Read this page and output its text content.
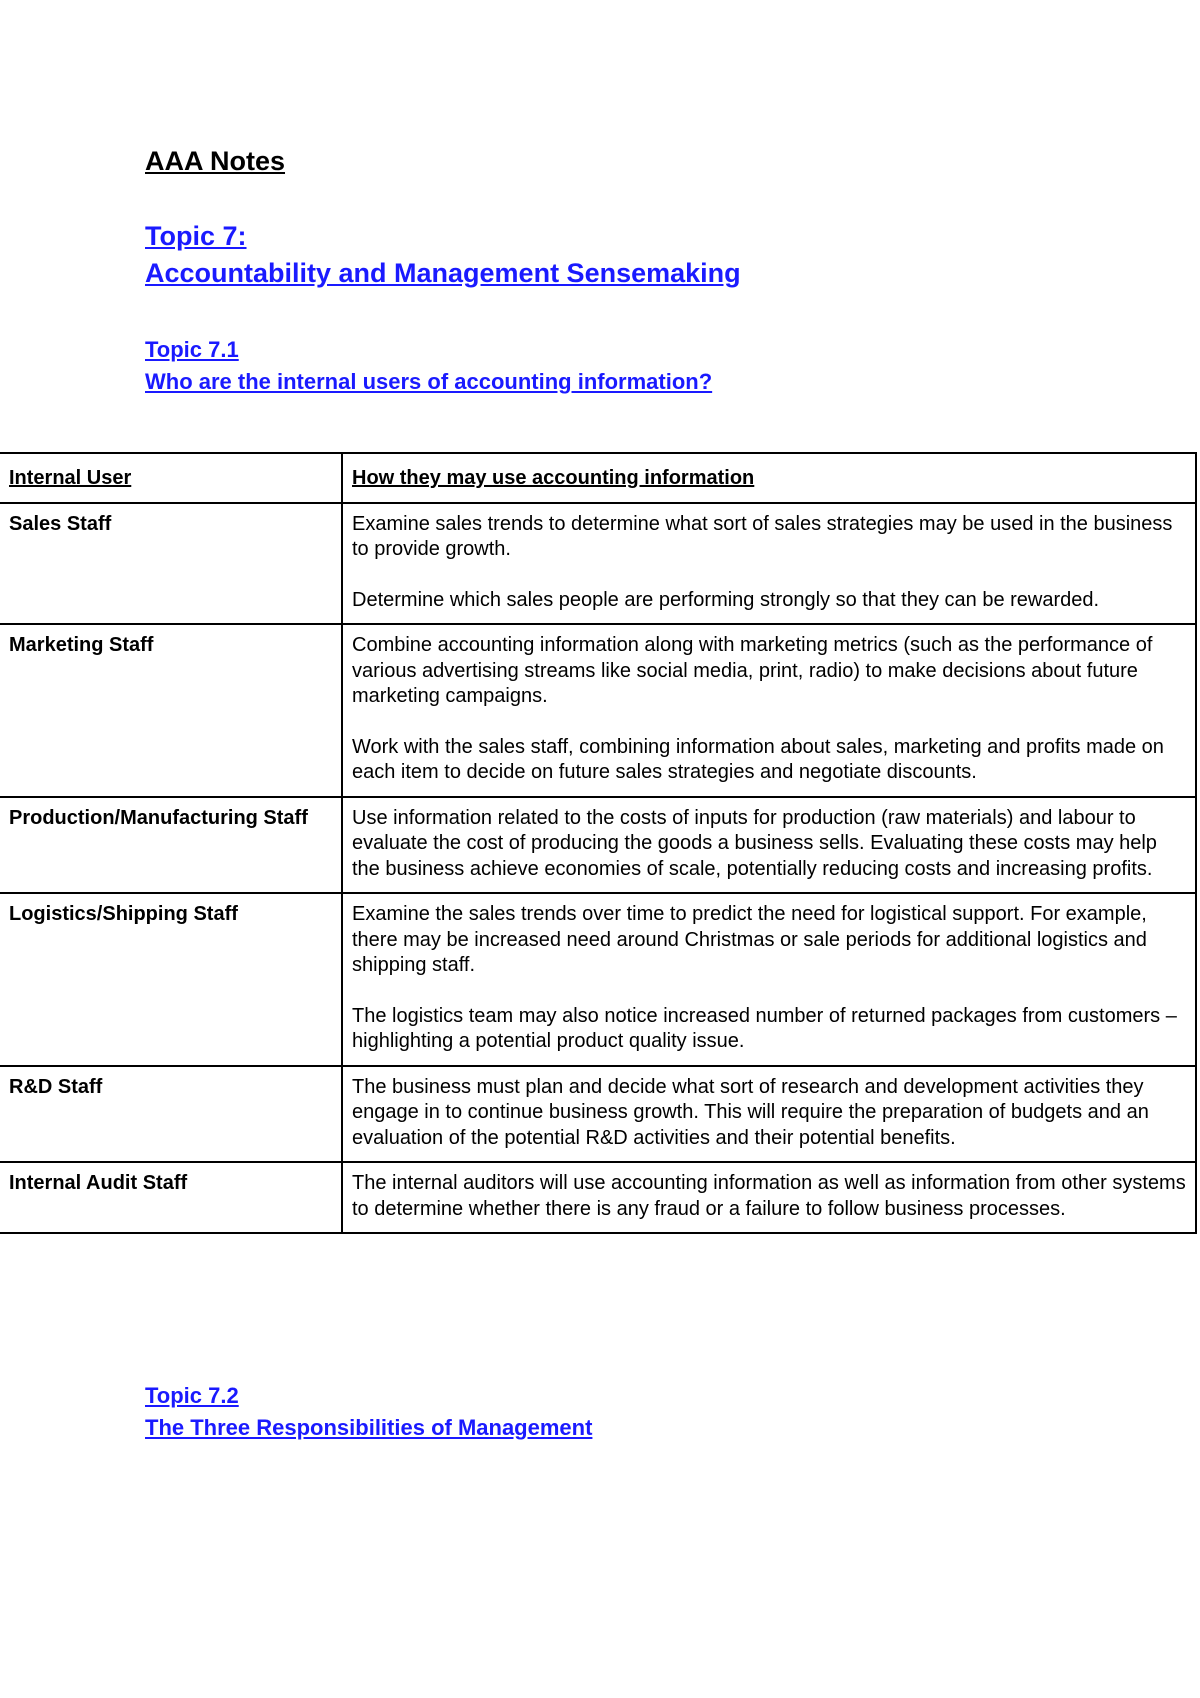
AAA Notes
Topic 7:
Accountability and Management Sensemaking
Topic 7.1
Who are the internal users of accounting information?
Internal User	How they may use accounting information
Sales Staff	Examine sales trends to determine what sort of sales strategies may be used in the business to provide growth.

Determine which sales people are performing strongly so that they can be rewarded.

Marketing Staff	Combine accounting information along with marketing metrics (such as the performance of various advertising streams like social media, print, radio) to make decisions about future marketing campaigns.

Work with the sales staff, combining information about sales, marketing and profits made on each item to decide on future sales strategies and negotiate discounts.

Production/Manufacturing Staff	Use information related to the costs of inputs for production (raw materials) and labour to evaluate the cost of producing the goods a business sells. Evaluating these costs may help the business achieve economies of scale, potentially reducing costs and increasing profits.

Logistics/Shipping Staff	Examine the sales trends over time to predict the need for logistical support. For example, there may be increased need around Christmas or sale periods for additional logistics and shipping staff.

The logistics team may also notice increased number of returned packages from customers – highlighting a potential product quality issue.

R&D Staff	The business must plan and decide what sort of research and development activities they engage in to continue business growth. This will require the preparation of budgets and an evaluation of the potential R&D activities and their potential benefits.

Internal Audit Staff	The internal auditors will use accounting information as well as information from other systems to determine whether there is any fraud or a failure to follow business processes.

Topic 7.2
The Three Responsibilities of Management
